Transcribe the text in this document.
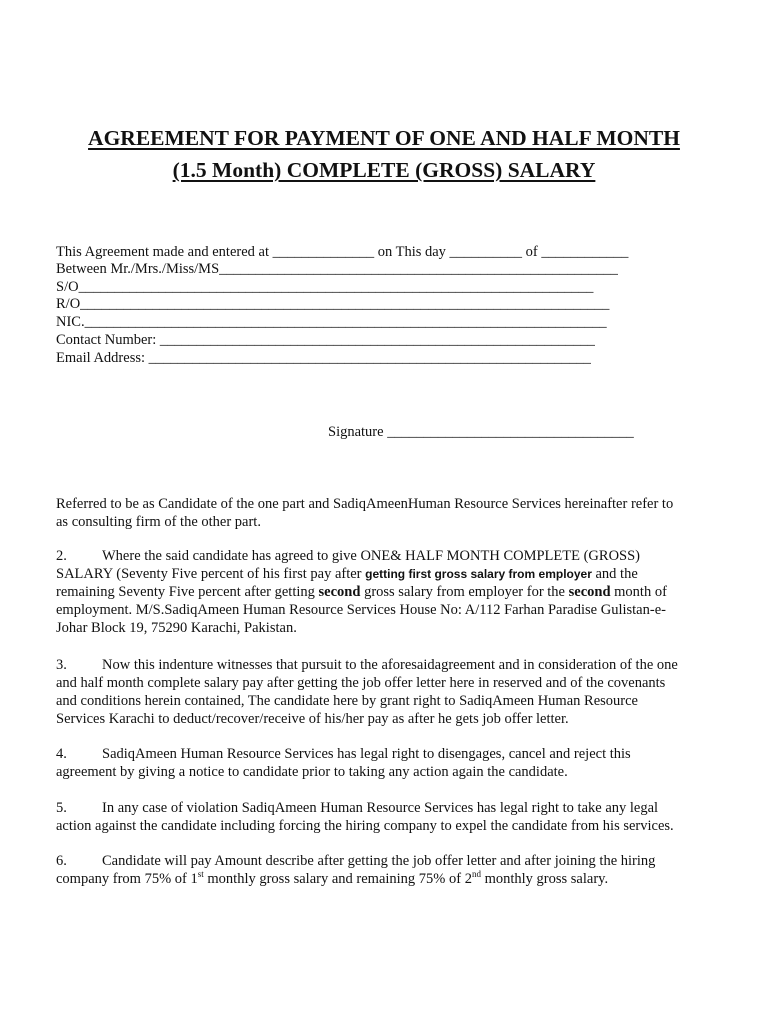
AGREEMENT FOR PAYMENT OF ONE AND HALF MONTH
(1.5 Month) COMPLETE (GROSS) SALARY
This Agreement made and entered at ______________ on This day __________ of ____________
Between Mr./Mrs./Miss/MS_______________________________________________________
S/O_______________________________________________________________________
R/O_________________________________________________________________________
NIC.________________________________________________________________________
Contact Number: ____________________________________________________________
Email Address: _____________________________________________________________
Signature __________________________________
Referred to be as Candidate of the one part and SadiqAmeenHuman Resource Services hereinafter refer to
as consulting firm of the other part.
2. Where the said candidate has agreed to give ONE& HALF MONTH COMPLETE (GROSS)
SALARY (Seventy Five percent of his first pay after getting first gross salary from employer and the
remaining Seventy Five percent after getting second gross salary from employer for the second month of
employment. M/S.SadiqAmeen Human Resource Services House No: A/112 Farhan Paradise Gulistan-e-
Johar Block 19, 75290 Karachi, Pakistan.
3. Now this indenture witnesses that pursuit to the aforesaidagreement and in consideration of the one
and half month complete salary pay after getting the job offer letter here in reserved and of the covenants
and conditions herein contained, The candidate here by grant right to SadiqAmeen Human Resource
Services Karachi to deduct/recover/receive of his/her pay as after he gets job offer letter.
4. SadiqAmeen Human Resource Services has legal right to disengages, cancel and reject this
agreement by giving a notice to candidate prior to taking any action again the candidate.
5. In any case of violation SadiqAmeen Human Resource Services has legal right to take any legal
action against the candidate including forcing the hiring company to expel the candidate from his services.
6. Candidate will pay Amount describe after getting the job offer letter and after joining the hiring
company from 75% of 1st monthly gross salary and remaining 75% of 2nd monthly gross salary.
